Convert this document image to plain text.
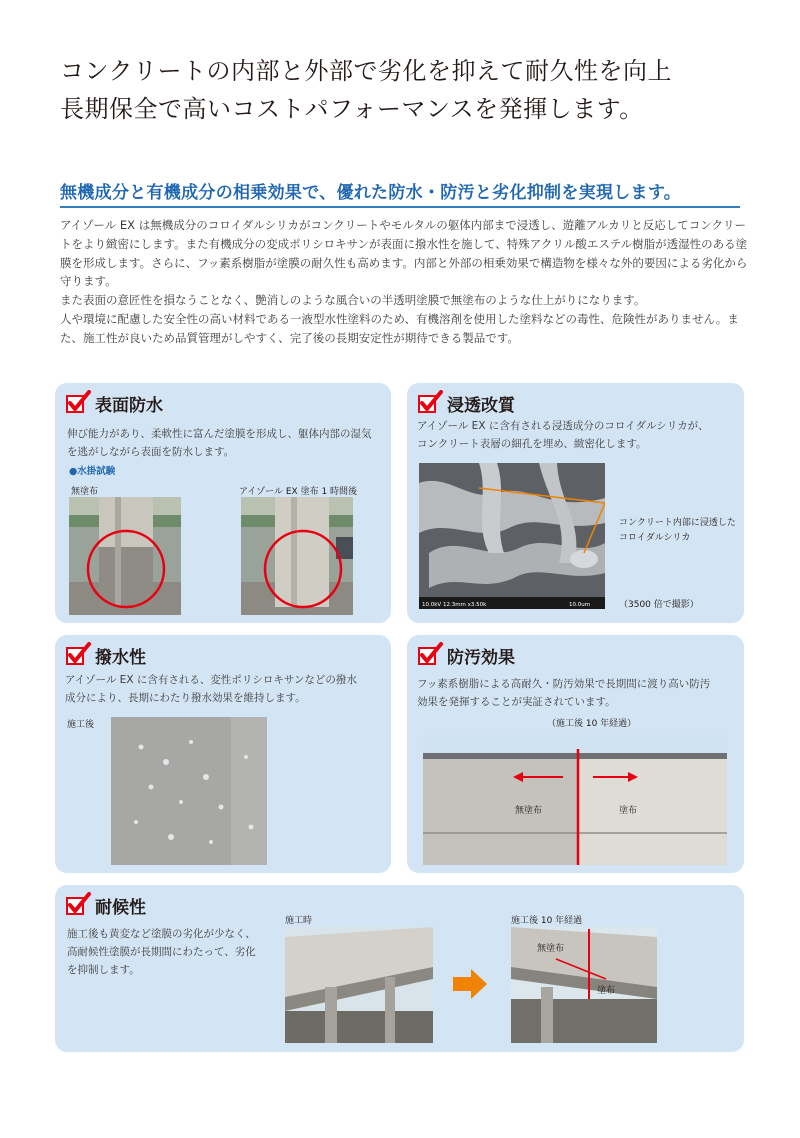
コンクリートの内部と外部で劣化を抑えて耐久性を向上
長期保全で高いコストパフォーマンスを発揮します。
無機成分と有機成分の相乗効果で、優れた防水・防汚と劣化抑制を実現します。

アイゾール EX は無機成分のコロイダルシリカがコンクリートやモルタルの躯体内部まで浸透し、遊離アルカリと反応してコンクリートをより緻密にします。また有機成分の変成ポリシロキサンが表面に撥水性を施して、特殊アクリル酸エステル樹脂が透湿性のある塗膜を形成します。さらに、フッ素系樹脂が塗膜の耐久性も高めます。内部と外部の相乗効果で構造物を様々な外的要因による劣化から守ります。

また表面の意匠性を損なうことなく、艶消しのような風合いの半透明塗膜で無塗布のような仕上がりになります。

人や環境に配慮した安全性の高い材料である一液型水性塗料のため、有機溶剤を使用した塗料などの毒性、危険性がありません。また、施工性が良いため品質管理がしやすく、完了後の長期安定性が期待できる製品です。

表面防水
伸び能力があり、柔軟性に富んだ塗膜を形成し、躯体内部の湿気
を逃がしながら表面を防水します。
●水掛試験
無塗布	アイゾール EX 塗布 1 時間後
浸透改質
アイゾール EX に含有される浸透成分のコロイダルシリカが、
コンクリート表層の細孔を埋め、緻密化します。
10.0kV 12.3mm x3.50k	10.0um
コンクリート内部に浸透した
コロイダルシリカ
（3500 倍で撮影）
撥水性
アイゾール EX に含有される、変性ポリシロキサンなどの撥水
成分により、長期にわたり撥水効果を維持します。
施工後
防汚効果
フッ素系樹脂による高耐久・防汚効果で長期間に渡り高い防汚
効果を発揮することが実証されています。
（施工後 10 年経過）
無塗布	塗布
耐候性
施工後も黄変など塗膜の劣化が少なく、
高耐候性塗膜が長期間にわたって、劣化
を抑制します。
施工時	施工後 10 年経過
無塗布
塗布
